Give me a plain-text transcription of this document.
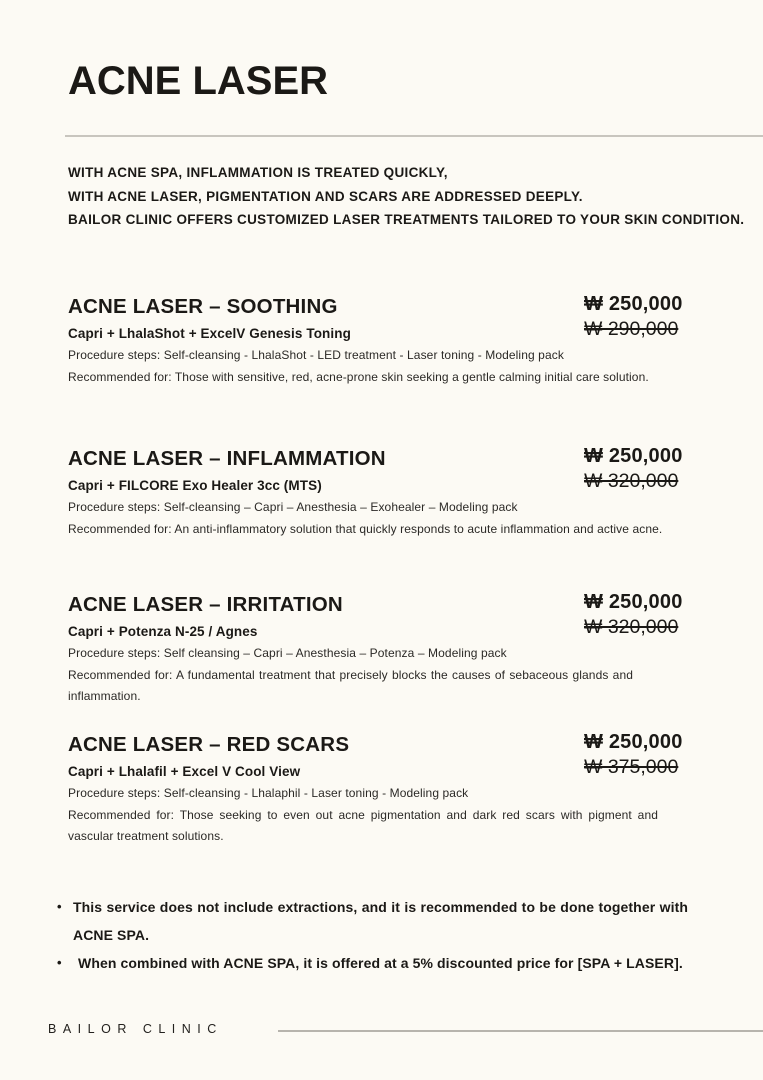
ACNE LASER
WITH ACNE SPA, INFLAMMATION IS TREATED QUICKLY,
WITH ACNE LASER, PIGMENTATION AND SCARS ARE ADDRESSED DEEPLY.
BAILOR CLINIC OFFERS CUSTOMIZED LASER TREATMENTS TAILORED TO YOUR SKIN CONDITION.
ACNE LASER – SOOTHING
Capri + LhalaShot + ExcelV Genesis Toning
Procedure steps: Self-cleansing - LhalaShot - LED treatment - Laser toning - Modeling pack
Recommended for: Those with sensitive, red, acne-prone skin seeking a gentle calming initial care solution.
₩ 250,000
₩ 290,000
ACNE LASER – INFLAMMATION
Capri + FILCORE Exo Healer 3cc (MTS)
Procedure steps: Self-cleansing – Capri – Anesthesia – Exohealer – Modeling pack
Recommended for: An anti-inflammatory solution that quickly responds to acute inflammation and active acne.
₩ 250,000
₩ 320,000
ACNE LASER – IRRITATION
Capri + Potenza N-25 / Agnes
Procedure steps: Self cleansing – Capri – Anesthesia – Potenza – Modeling pack
Recommended for: A fundamental treatment that precisely blocks the causes of sebaceous glands and inflammation.
₩ 250,000
₩ 320,000
ACNE LASER – RED SCARS
Capri + Lhalafil + Excel V Cool View
Procedure steps: Self-cleansing - Lhalaphil - Laser toning - Modeling pack
Recommended for: Those seeking to even out acne pigmentation and dark red scars with pigment and vascular treatment solutions.
₩ 250,000
₩ 375,000
• This service does not include extractions, and it is recommended to be done together with ACNE SPA.
• When combined with ACNE SPA, it is offered at a 5% discounted price for [SPA + LASER].
BAILOR CLINIC
